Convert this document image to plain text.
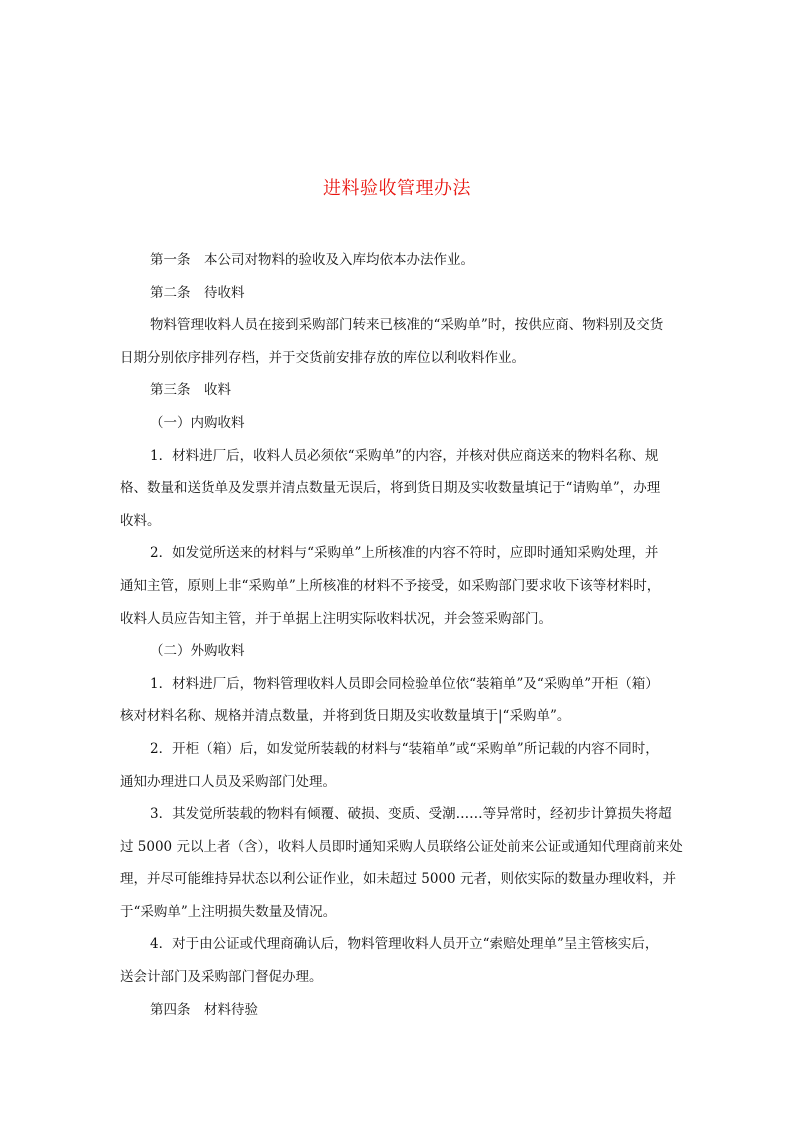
进料验收管理办法

第一条　本公司对物料的验收及入库均依本办法作业。

第二条　待收料

物料管理收料人员在接到采购部门转来已核准的“采购单”时，按供应商、物料别及交货
日期分别依序排列存档，并于交货前安排存放的库位以利收料作业。

第三条　收料

（一）内购收料

1．材料进厂后，收料人员必须依“采购单”的内容，并核对供应商送来的物料名称、规
格、数量和送货单及发票并清点数量无误后，将到货日期及实收数量填记于“请购单”，办理
收料。

2．如发觉所送来的材料与“采购单”上所核准的内容不符时，应即时通知采购处理，并
通知主管，原则上非“采购单”上所核准的材料不予接受，如采购部门要求收下该等材料时，
收料人员应告知主管，并于单据上注明实际收料状况，并会签采购部门。

（二）外购收料

1．材料进厂后，物料管理收料人员即会同检验单位依“装箱单”及“采购单”开柜（箱）
核对材料名称、规格并清点数量，并将到货日期及实收数量填于|“采购单”。

2．开柜（箱）后，如发觉所装载的材料与“装箱单”或“采购单”所记载的内容不同时，
通知办理进口人员及采购部门处理。

3．其发觉所装载的物料有倾覆、破损、变质、受潮……等异常时，经初步计算损失将超
过 5000 元以上者（含），收料人员即时通知采购人员联络公证处前来公证或通知代理商前来处
理，并尽可能维持异状态以利公证作业，如未超过 5000 元者，则依实际的数量办理收料，并
于“采购单”上注明损失数量及情况。

4．对于由公证或代理商确认后，物料管理收料人员开立“索赔处理单”呈主管核实后，
送会计部门及采购部门督促办理。

第四条　材料待验
